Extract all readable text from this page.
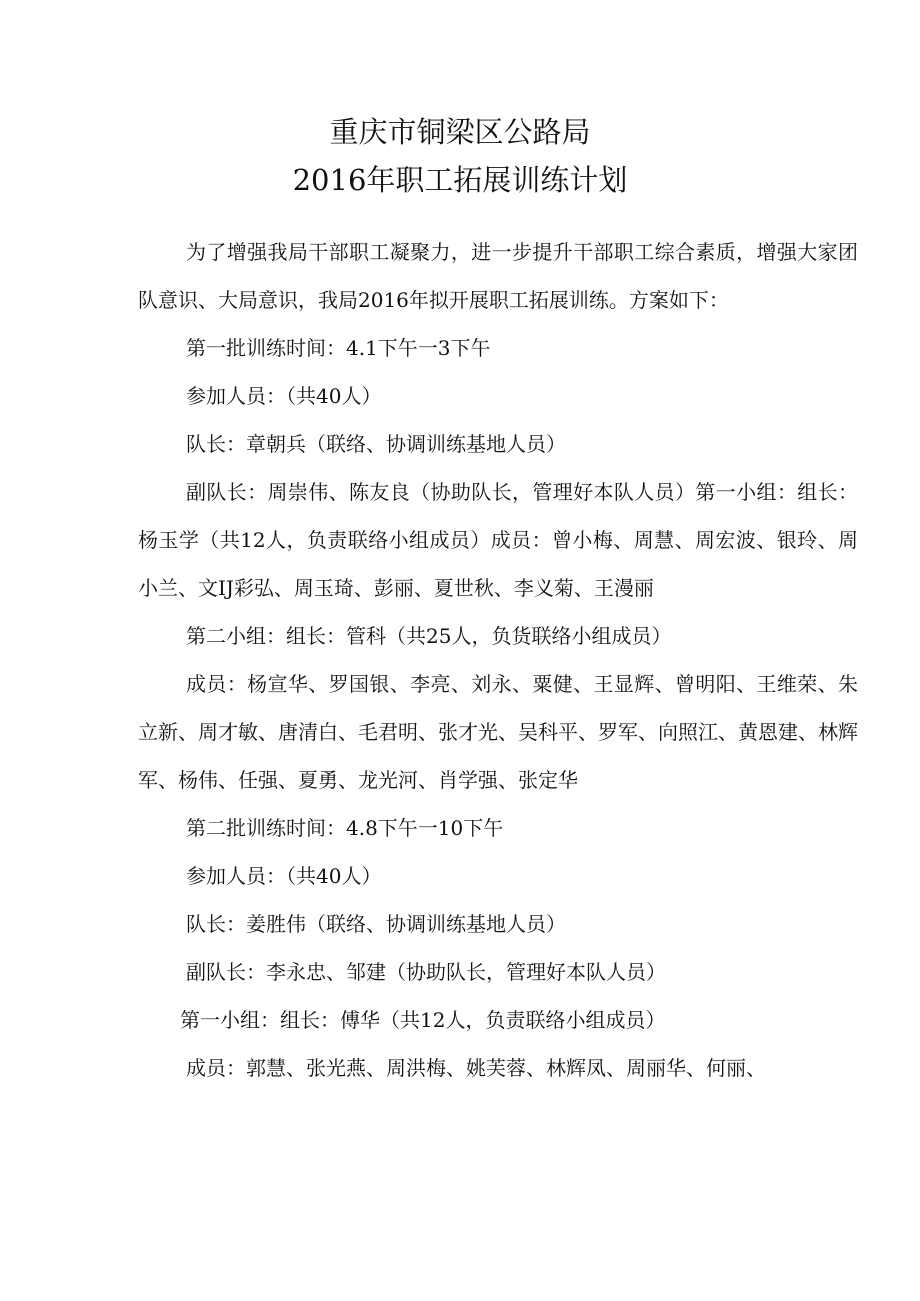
重庆市铜梁区公路局
2016年职工拓展训练计划

为了增强我局干部职工凝聚力，进一步提升干部职工综合素质，增强大家团队意识、大局意识，我局2016年拟开展职工拓展训练。方案如下：

第一批训练时间：4.1下午一3下午

参加人员：（共40人）

队长：章朝兵（联络、协调训练基地人员）

副队长：周崇伟、陈友良（协助队长，管理好本队人员）第一小组：组长：杨玉学（共12人，负责联络小组成员）成员：曾小梅、周慧、周宏波、银玲、周小兰、文IJ彩弘、周玉琦、彭丽、夏世秋、李义菊、王漫丽

第二小组：组长：管科（共25人，负货联络小组成员）

成员：杨宣华、罗国银、李亮、刘永、粟健、王显辉、曾明阳、王维荣、朱立新、周才敏、唐清白、毛君明、张才光、吴科平、罗军、向照江、黄恩建、林辉军、杨伟、任强、夏勇、龙光河、肖学强、张定华

第二批训练时间：4.8下午一10下午

参加人员：（共40人）

队长：姜胜伟（联络、协调训练基地人员）

副队长：李永忠、邹建（协助队长，管理好本队人员）

第一小组：组长：傅华（共12人，负责联络小组成员）

成员：郭慧、张光燕、周洪梅、姚芙蓉、林辉凤、周丽华、何丽、
